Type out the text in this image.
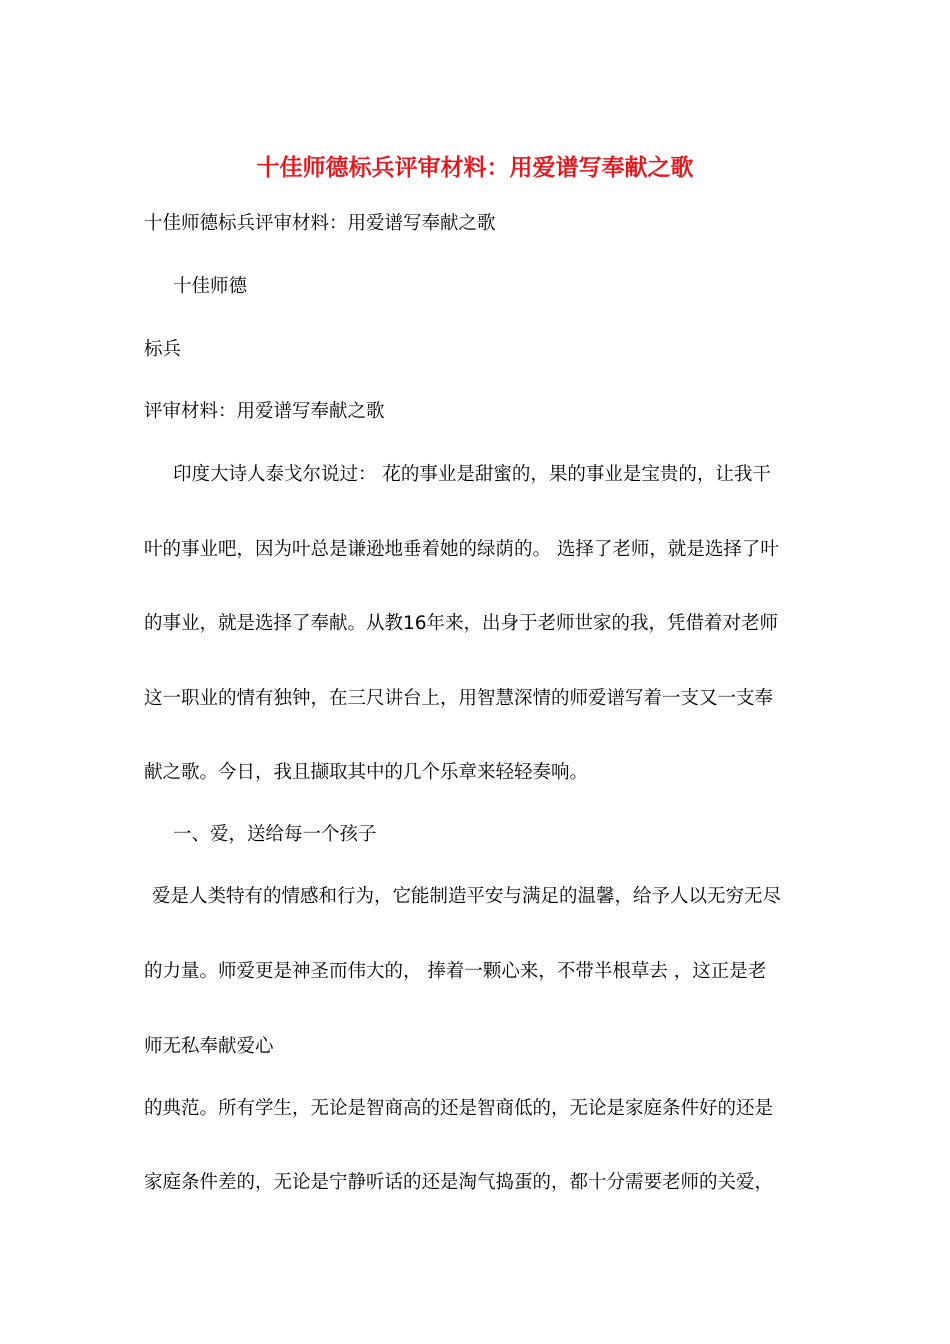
十佳师德标兵评审材料：用爱谱写奉献之歌
十佳师德标兵评审材料：用爱谱写奉献之歌
十佳师德
标兵
评审材料：用爱谱写奉献之歌
印度大诗人泰戈尔说过： 花的事业是甜蜜的，果的事业是宝贵的，让我干
叶的事业吧，因为叶总是谦逊地垂着她的绿荫的。 选择了老师，就是选择了叶
的事业，就是选择了奉献。从教16年来，出身于老师世家的我，凭借着对老师
这一职业的情有独钟，在三尺讲台上，用智慧深情的师爱谱写着一支又一支奉
献之歌。今日，我且撷取其中的几个乐章来轻轻奏响。
一、爱，送给每一个孩子
爱是人类特有的情感和行为，它能制造平安与满足的温馨，给予人以无穷无尽
的力量。师爱更是神圣而伟大的， 捧着一颗心来，不带半根草去 ，这正是老
师无私奉献爱心
的典范。所有学生，无论是智商高的还是智商低的，无论是家庭条件好的还是
家庭条件差的，无论是宁静听话的还是淘气捣蛋的，都十分需要老师的关爱，
